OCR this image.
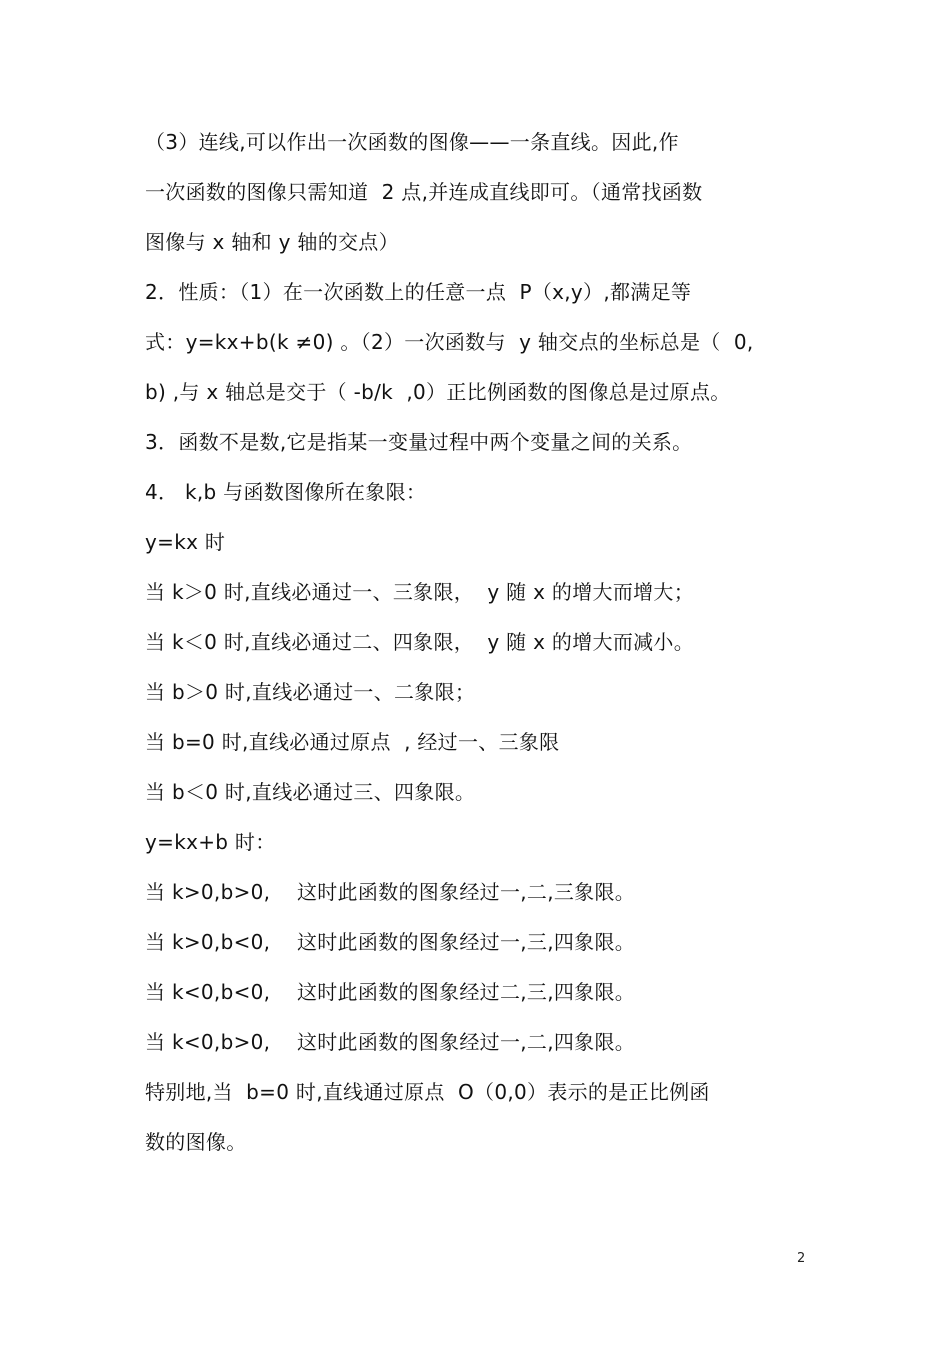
（3）连线,可以作出一次函数的图像——一条直线。因此,作
一次函数的图像只需知道  2 点,并连成直线即可。（通常找函数
图像与 x 轴和 y 轴的交点）
2．性质：（1）在一次函数上的任意一点  P（x,y）,都满足等
式：y=kx+b(k ≠0) 。（2）一次函数与  y 轴交点的坐标总是（  0,
b) ,与 x 轴总是交于（ -b/k  ,0）正比例函数的图像总是过原点。
3．函数不是数,它是指某一变量过程中两个变量之间的关系。
4． k,b 与函数图像所在象限：
y=kx 时
当 k＞0 时,直线必通过一、三象限，  y 随 x 的增大而增大；
当 k＜0 时,直线必通过二、四象限，  y 随 x 的增大而减小。
当 b＞0 时,直线必通过一、二象限；
当 b=0 时,直线必通过原点  , 经过一、三象限
当 b＜0 时,直线必通过三、四象限。
y=kx+b 时：
当 k>0,b>0,    这时此函数的图象经过一,二,三象限。
当 k>0,b<0,    这时此函数的图象经过一,三,四象限。
当 k<0,b<0,    这时此函数的图象经过二,三,四象限。
当 k<0,b>0,    这时此函数的图象经过一,二,四象限。
特别地,当  b=0 时,直线通过原点  O（0,0）表示的是正比例函
数的图像。
2
